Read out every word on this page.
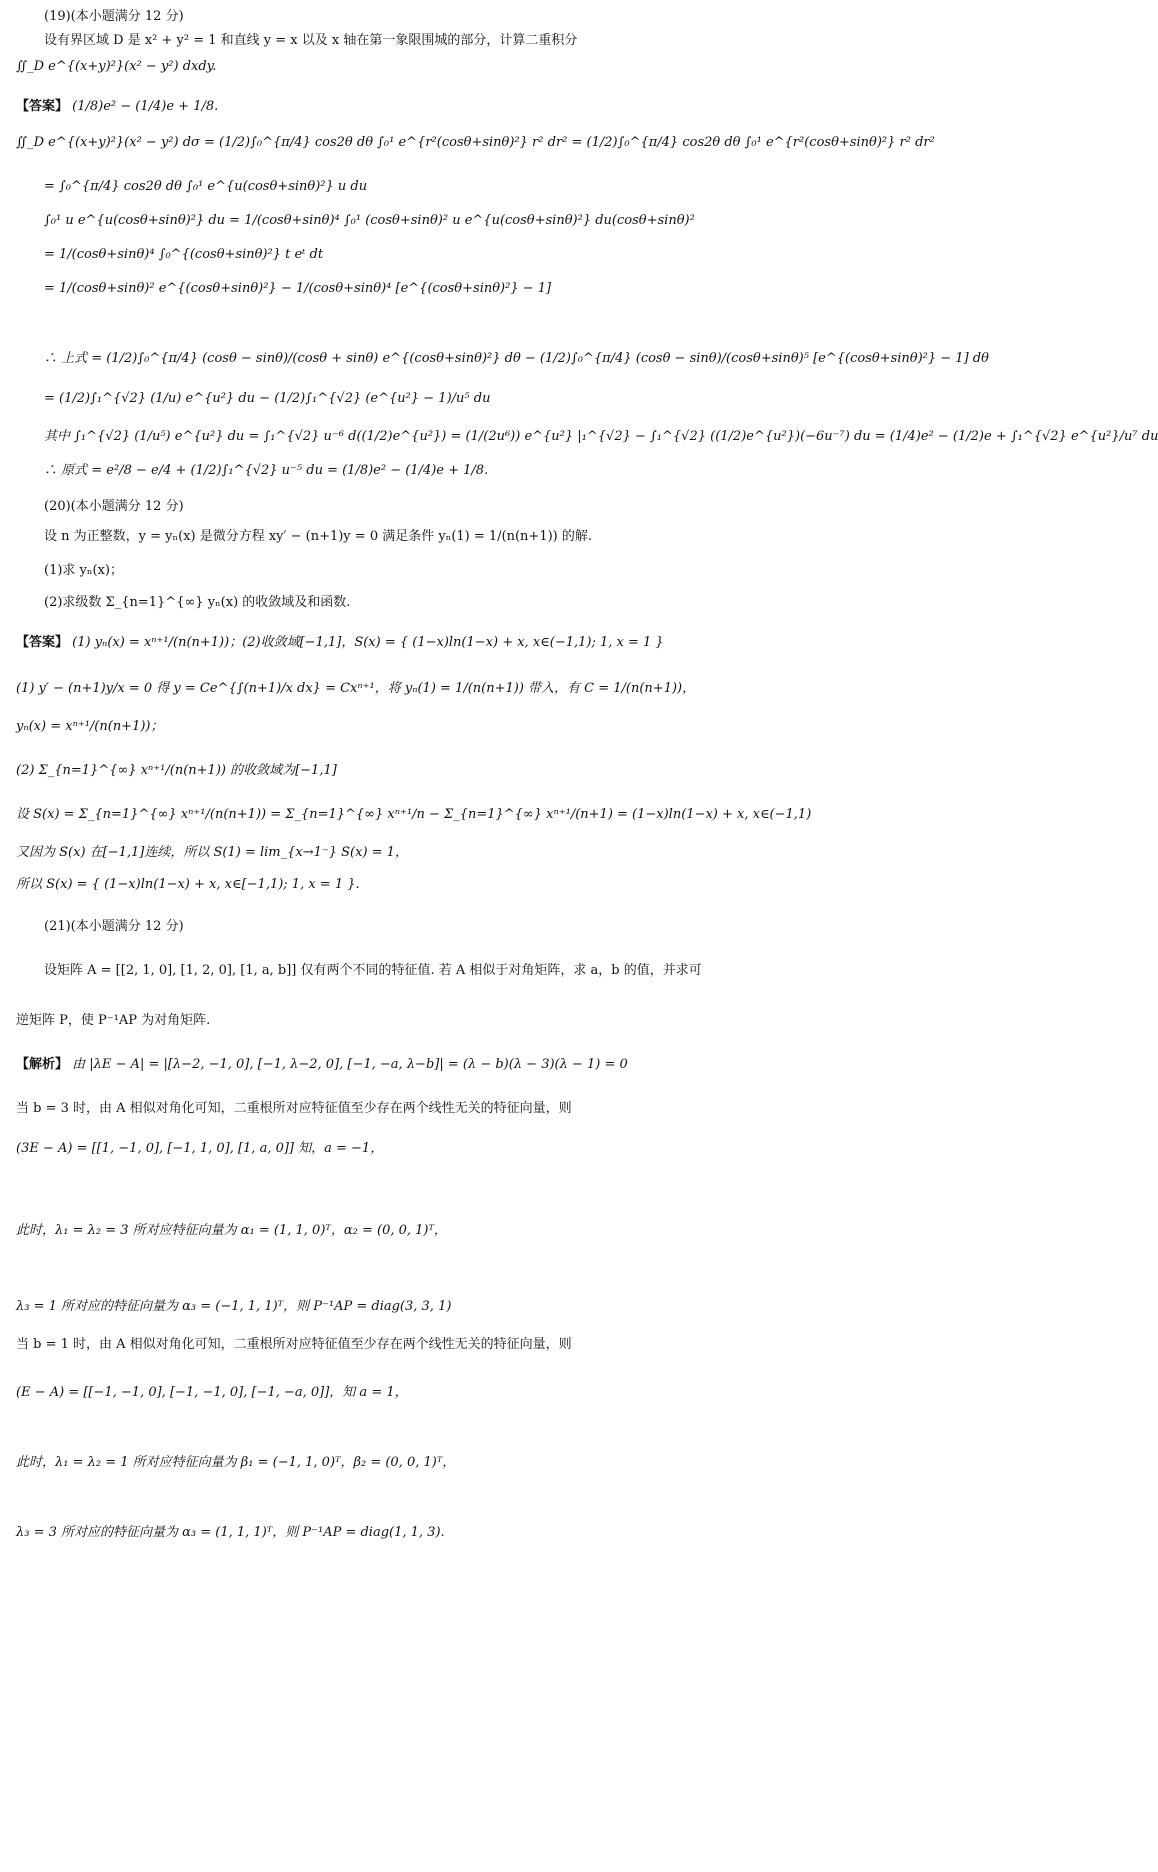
(19)(本小题满分 12 分)
设有界区域 D 是 x² + y² = 1 和直线 y = x 以及 x 轴在第一象限围城的部分，计算二重积分
∬_D e^{(x+y)²}(x² − y²) dxdy.
【答案】 (1/8)e² − (1/4)e + 1/8.
∬_D e^{(x+y)²}(x² − y²) dσ = (1/2)∫₀^{π/4} cos2θ dθ ∫₀¹ e^{r²(cosθ+sinθ)²} r² dr² = (1/2)∫₀^{π/4} cos2θ dθ ∫₀¹ e^{r²(cosθ+sinθ)²} r² dr²
= ∫₀^{π/4} cos2θ dθ ∫₀¹ e^{u(cosθ+sinθ)²} u du
∫₀¹ u e^{u(cosθ+sinθ)²} du = 1/(cosθ+sinθ)⁴ ∫₀¹ (cosθ+sinθ)² u e^{u(cosθ+sinθ)²} du(cosθ+sinθ)²
= 1/(cosθ+sinθ)⁴ ∫₀^{(cosθ+sinθ)²} t eᵗ dt
= 1/(cosθ+sinθ)² e^{(cosθ+sinθ)²} − 1/(cosθ+sinθ)⁴ [e^{(cosθ+sinθ)²} − 1]
∴ 上式 = (1/2)∫₀^{π/4} (cosθ − sinθ)/(cosθ + sinθ) e^{(cosθ+sinθ)²} dθ − (1/2)∫₀^{π/4} (cosθ − sinθ)/(cosθ+sinθ)⁵ [e^{(cosθ+sinθ)²} − 1] dθ
= (1/2)∫₁^{√2} (1/u) e^{u²} du − (1/2)∫₁^{√2} (e^{u²} − 1)/u⁵ du
其中 ∫₁^{√2} (1/u⁵) e^{u²} du = ∫₁^{√2} u⁻⁶ d((1/2)e^{u²}) = (1/(2u⁶)) e^{u²} |₁^{√2} − ∫₁^{√2} ((1/2)e^{u²})(−6u⁻⁷) du = (1/4)e² − (1/2)e + ∫₁^{√2} e^{u²}/u⁷ du
∴ 原式 = e²/8 − e/4 + (1/2)∫₁^{√2} u⁻⁵ du = (1/8)e² − (1/4)e + 1/8.
(20)(本小题满分 12 分)
设 n 为正整数，y = yₙ(x) 是微分方程 xy′ − (n+1)y = 0 满足条件 yₙ(1) = 1/(n(n+1)) 的解.
(1)求 yₙ(x)；
(2)求级数 Σ_{n=1}^{∞} yₙ(x) 的收敛域及和函数.
【答案】 (1) yₙ(x) = xⁿ⁺¹/(n(n+1))；(2)收敛域[−1,1]，S(x) = { (1−x)ln(1−x) + x, x∈(−1,1); 1, x = 1 }
(1) y′ − (n+1)y/x = 0 得 y = Ce^{∫(n+1)/x dx} = Cxⁿ⁺¹，将 yₙ(1) = 1/(n(n+1)) 带入，有 C = 1/(n(n+1))，
yₙ(x) = xⁿ⁺¹/(n(n+1))；
(2) Σ_{n=1}^{∞} xⁿ⁺¹/(n(n+1)) 的收敛域为[−1,1]
设 S(x) = Σ_{n=1}^{∞} xⁿ⁺¹/(n(n+1)) = Σ_{n=1}^{∞} xⁿ⁺¹/n − Σ_{n=1}^{∞} xⁿ⁺¹/(n+1) = (1−x)ln(1−x) + x, x∈(−1,1)
又因为 S(x) 在[−1,1]连续，所以 S(1) = lim_{x→1⁻} S(x) = 1，
所以 S(x) = { (1−x)ln(1−x) + x, x∈[−1,1); 1, x = 1 }.
(21)(本小题满分 12 分)
设矩阵 A = [[2, 1, 0], [1, 2, 0], [1, a, b]] 仅有两个不同的特征值. 若 A 相似于对角矩阵，求 a，b 的值，并求可
逆矩阵 P，使 P⁻¹AP 为对角矩阵.
【解析】 由 |λE − A| = |[λ−2, −1, 0], [−1, λ−2, 0], [−1, −a, λ−b]| = (λ − b)(λ − 3)(λ − 1) = 0
当 b = 3 时，由 A 相似对角化可知，二重根所对应特征值至少存在两个线性无关的特征向量，则
(3E − A) = [[1, −1, 0], [−1, 1, 0], [1, a, 0]] 知，a = −1，
此时，λ₁ = λ₂ = 3 所对应特征向量为 α₁ = (1, 1, 0)ᵀ，α₂ = (0, 0, 1)ᵀ，
λ₃ = 1 所对应的特征向量为 α₃ = (−1, 1, 1)ᵀ，则 P⁻¹AP = diag(3, 3, 1)
当 b = 1 时，由 A 相似对角化可知，二重根所对应特征值至少存在两个线性无关的特征向量，则
(E − A) = [[−1, −1, 0], [−1, −1, 0], [−1, −a, 0]]，知 a = 1，
此时，λ₁ = λ₂ = 1 所对应特征向量为 β₁ = (−1, 1, 0)ᵀ，β₂ = (0, 0, 1)ᵀ，
λ₃ = 3 所对应的特征向量为 α₃ = (1, 1, 1)ᵀ，则 P⁻¹AP = diag(1, 1, 3).
